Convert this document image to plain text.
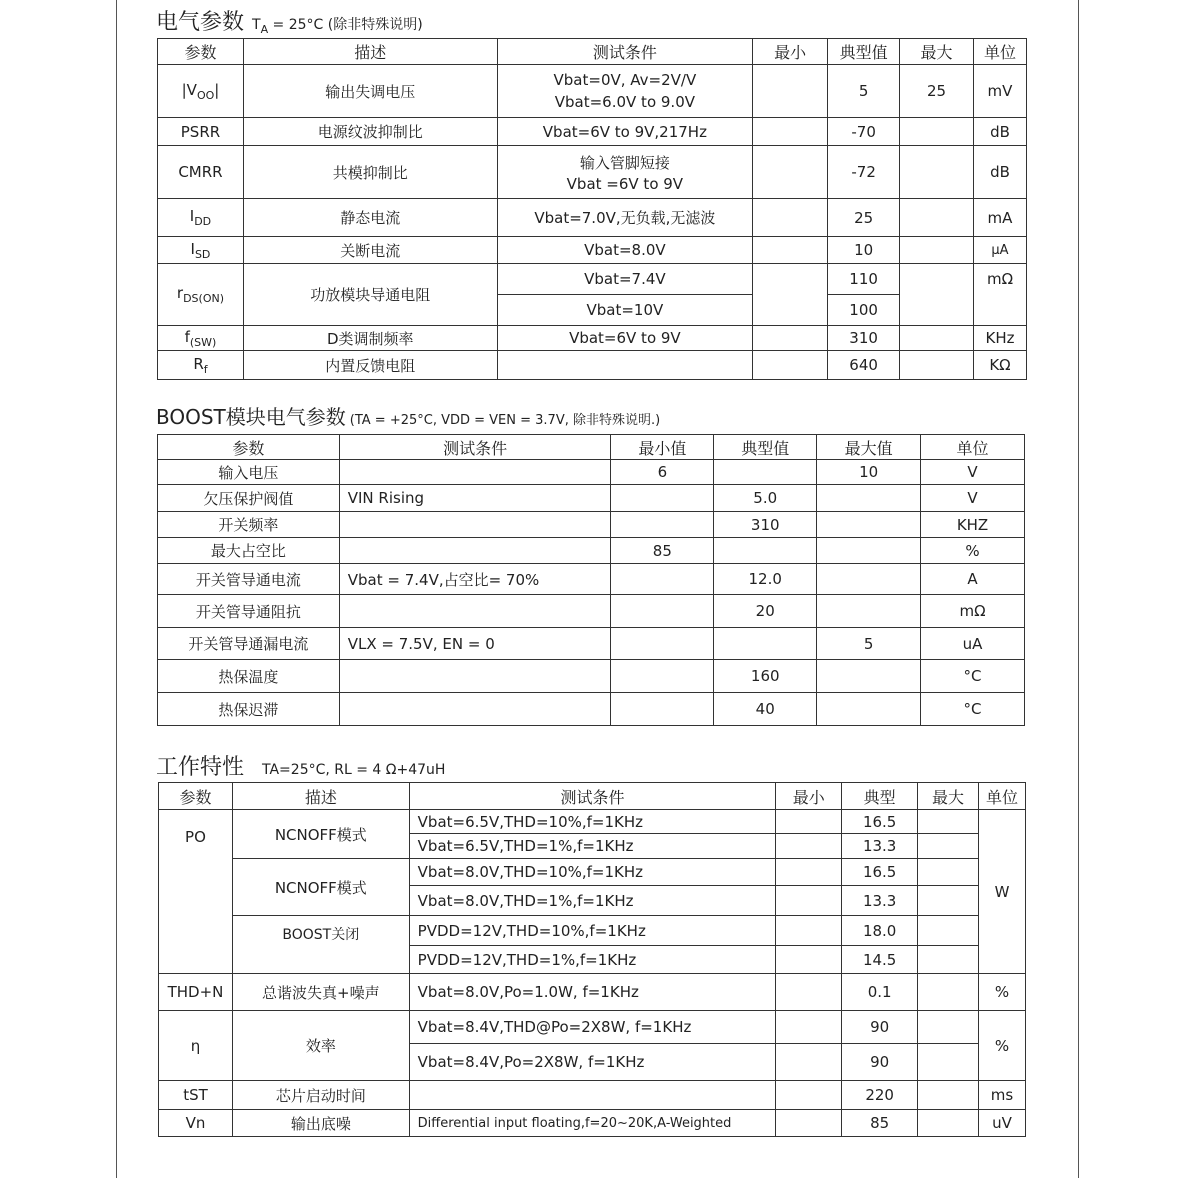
电气参数 $T_A = 25^\circ C$ (除非特殊说明)
参数	描述	测试条件	最小	典型值	最大	单位
$|V_{OO}|$	输出失调电压	Vbat=0V, Av=2V/V
Vbat=6.0V to 9.0V		5	25	mV
PSRR	电源纹波抑制比	Vbat=6V to 9V,217Hz		-70		dB
CMRR	共模抑制比	输入管脚短接
Vbat =6V to 9V		-72		dB
$I_{DD}$	静态电流	Vbat=7.0V,无负载,无滤波		25		mA
$I_{SD}$	关断电流	Vbat=8.0V		10		μA
$r_{DS(ON)}$	功放模块导通电阻	Vbat=7.4V		110		mΩ
		Vbat=10V		100		
$f_{(SW)}$	D类调制频率	Vbat=6V to 9V		310		KHz
$R_f$	内置反馈电阻			640		KΩ
BOOST模块电气参数 (TA = +25°C, VDD = VEN = 3.7V, 除非特殊说明.)
参数	测试条件	最小值	典型值	最大值	单位
输入电压		6		10	V
欠压保护阀值	VIN Rising		5.0		V
开关频率			310		KHZ
最大占空比		85			%
开关管导通电流	Vbat = 7.4V,占空比= 70%		12.0		A
开关管导通阻抗			20		mΩ
开关管导通漏电流	VLX = 7.5V, EN = 0			5	uA
热保温度			160		°C
热保迟滞			40		°C
工作特性 TA=25°C, RL = 4 Ω+47uH
参数	描述	测试条件	最小	典型	最大	单位
PO	NCNOFF模式	Vbat=6.5V,THD=10%,f=1KHz		16.5		W
		Vbat=6.5V,THD=1%,f=1KHz		13.3		
	NCNOFF模式	Vbat=8.0V,THD=10%,f=1KHz		16.5		
		Vbat=8.0V,THD=1%,f=1KHz		13.3		
	BOOST关闭	PVDD=12V,THD=10%,f=1KHz		18.0		
		PVDD=12V,THD=1%,f=1KHz		14.5		
THD+N	总谐波失真+噪声	Vbat=8.0V,Po=1.0W, f=1KHz		0.1		%
η	效率	Vbat=8.4V,THD@Po=2X8W, f=1KHz		90		%
		Vbat=8.4V,Po=2X8W, f=1KHz		90		
tST	芯片启动时间			220		ms
Vn	输出底噪	Differential input floating,f=20~20K,A-Weighted		85		uV
